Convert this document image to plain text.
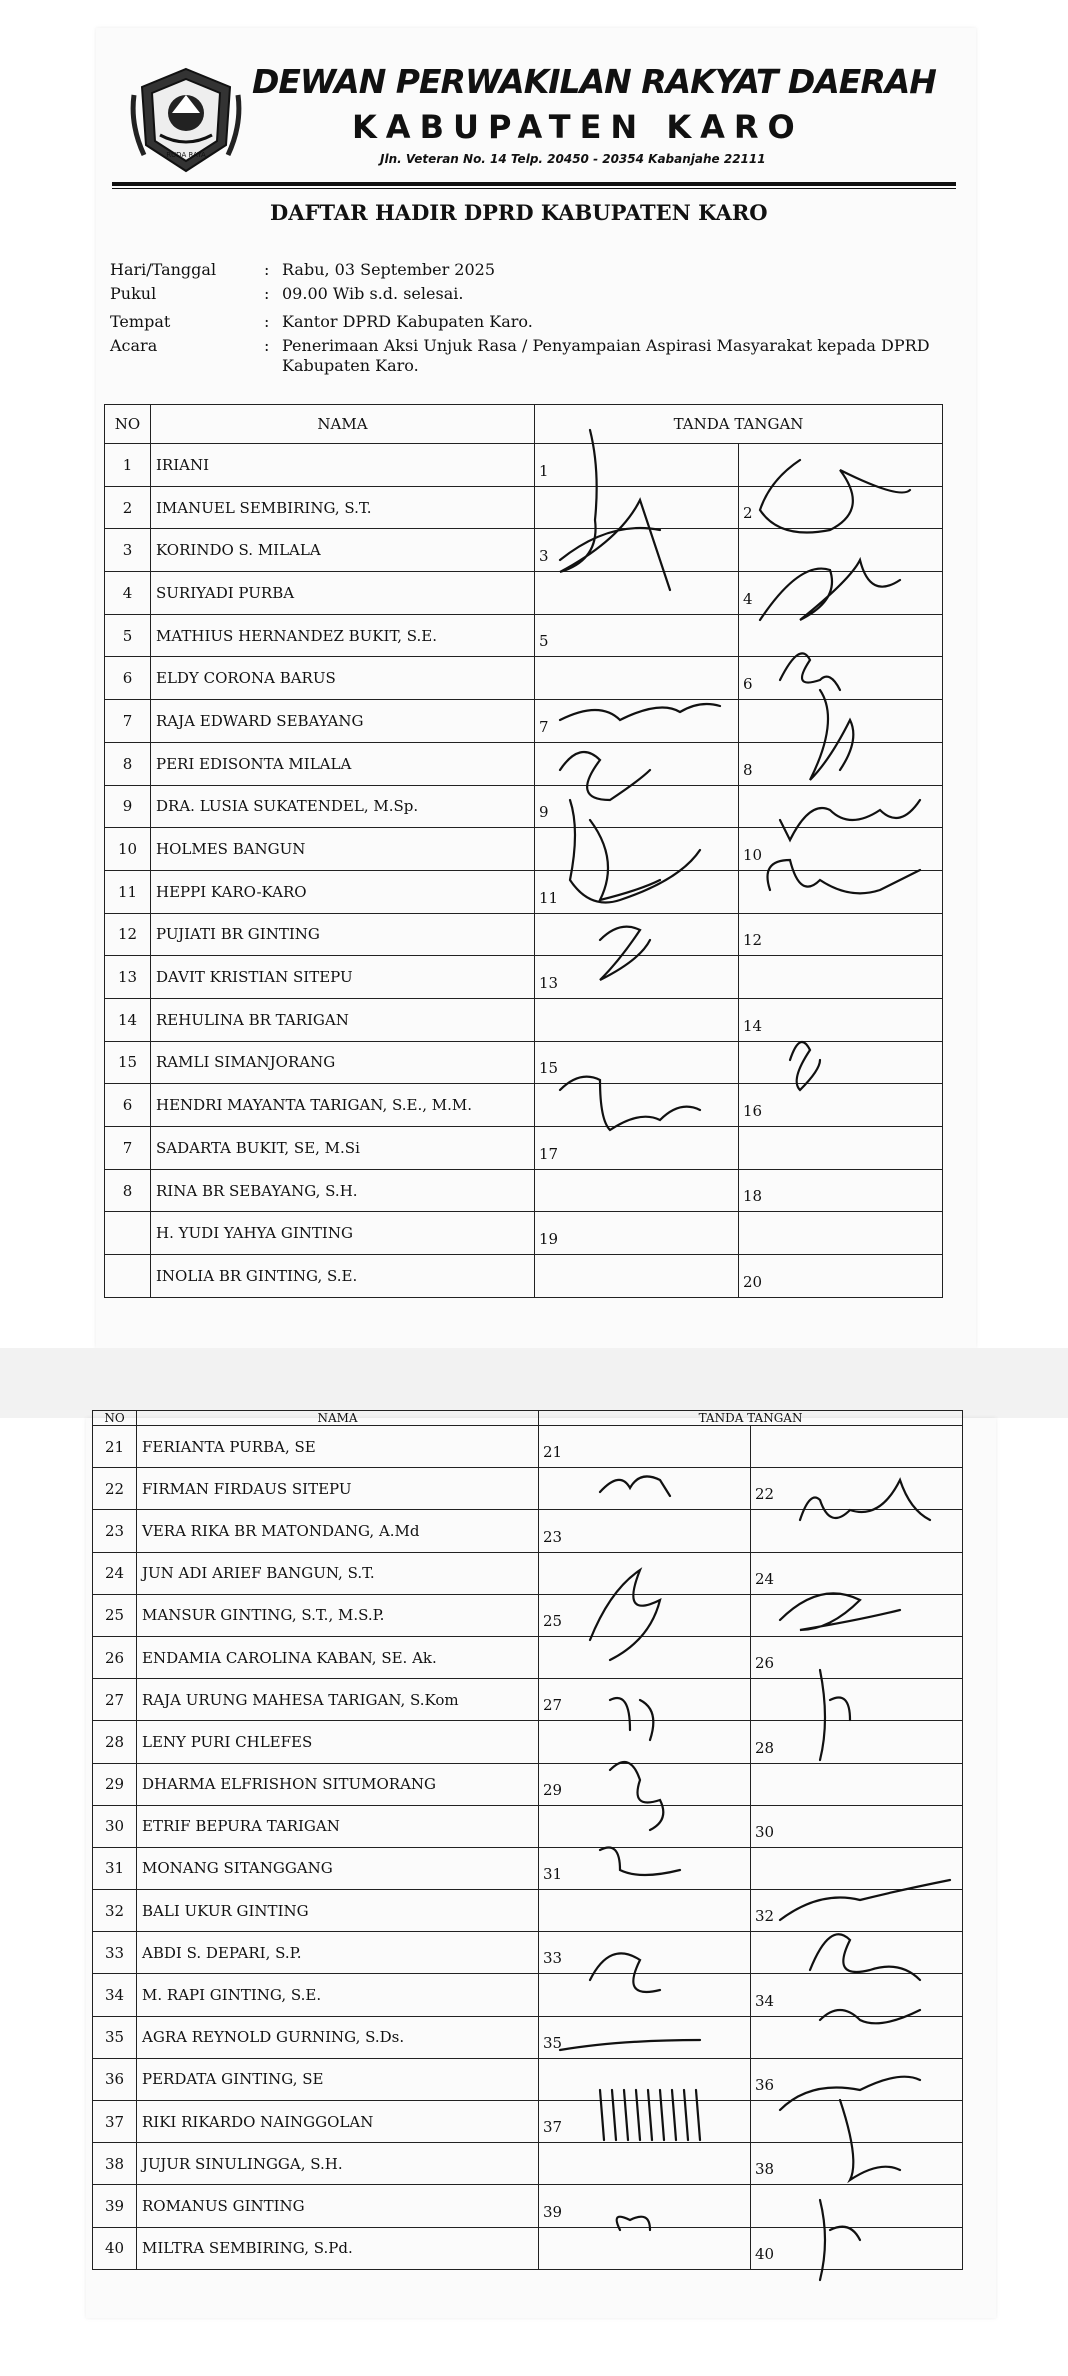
RUDA RAYA
DEWAN PERWAKILAN RAKYAT DAERAH
KABUPATEN KARO
Jln. Veteran No. 14 Telp. 20450 - 20354 Kabanjahe 22111
DAFTAR HADIR DPRD KABUPATEN KARO
Hari/Tanggal	: Rabu, 03 September 2025
Pukul	: 09.00 Wib s.d. selesai.
Tempat	: Kantor DPRD Kabupaten Karo.
Acara	: Penerimaan Aksi Unjuk Rasa / Penyampaian Aspirasi Masyarakat kepada DPRD
Kabupaten Karo.
NO	NAMA	TANDA TANGAN	
1	IRIANI	1	

2	IMANUEL SEMBIRING, S.T.		2

3	KORINDO S. MILALA	3	

4	SURIYADI PURBA		4

5	MATHIUS HERNANDEZ BUKIT, S.E.	5	

6	ELDY CORONA BARUS		6

7	RAJA EDWARD SEBAYANG	7	

8	PERI EDISONTA MILALA		8

9	DRA. LUSIA SUKATENDEL, M.Sp.	9	

10	HOLMES BANGUN		10

11	HEPPI KARO-KARO	11	

12	PUJIATI BR GINTING		12

13	DAVIT KRISTIAN SITEPU	13	

14	REHULINA BR TARIGAN		14

15	RAMLI SIMANJORANG	15	

6	HENDRI MAYANTA TARIGAN, S.E., M.M.		16

7	SADARTA BUKIT, SE, M.Si	17	

8	RINA BR SEBAYANG, S.H.		18

	H. YUDI YAHYA GINTING	19	

	INOLIA BR GINTING, S.E.		20
NO	NAMA	TANDA TANGAN	
21	FERIANTA PURBA, SE	21	

22	FIRMAN FIRDAUS SITEPU		22

23	VERA RIKA BR MATONDANG, A.Md	23	

24	JUN ADI ARIEF BANGUN, S.T.		24

25	MANSUR GINTING, S.T., M.S.P.	25	

26	ENDAMIA CAROLINA KABAN, SE. Ak.		26

27	RAJA URUNG MAHESA TARIGAN, S.Kom	27	

28	LENY PURI CHLEFES		28

29	DHARMA ELFRISHON SITUMORANG	29	

30	ETRIF BEPURA TARIGAN		30

31	MONANG SITANGGANG	31	

32	BALI UKUR GINTING		32

33	ABDI S. DEPARI, S.P.	33	

34	M. RAPI GINTING, S.E.		34

35	AGRA REYNOLD GURNING, S.Ds.	35	

36	PERDATA GINTING, SE		36

37	RIKI RIKARDO NAINGGOLAN	37	

38	JUJUR SINULINGGA, S.H.		38

39	ROMANUS GINTING	39	

40	MILTRA SEMBIRING, S.Pd.		40
